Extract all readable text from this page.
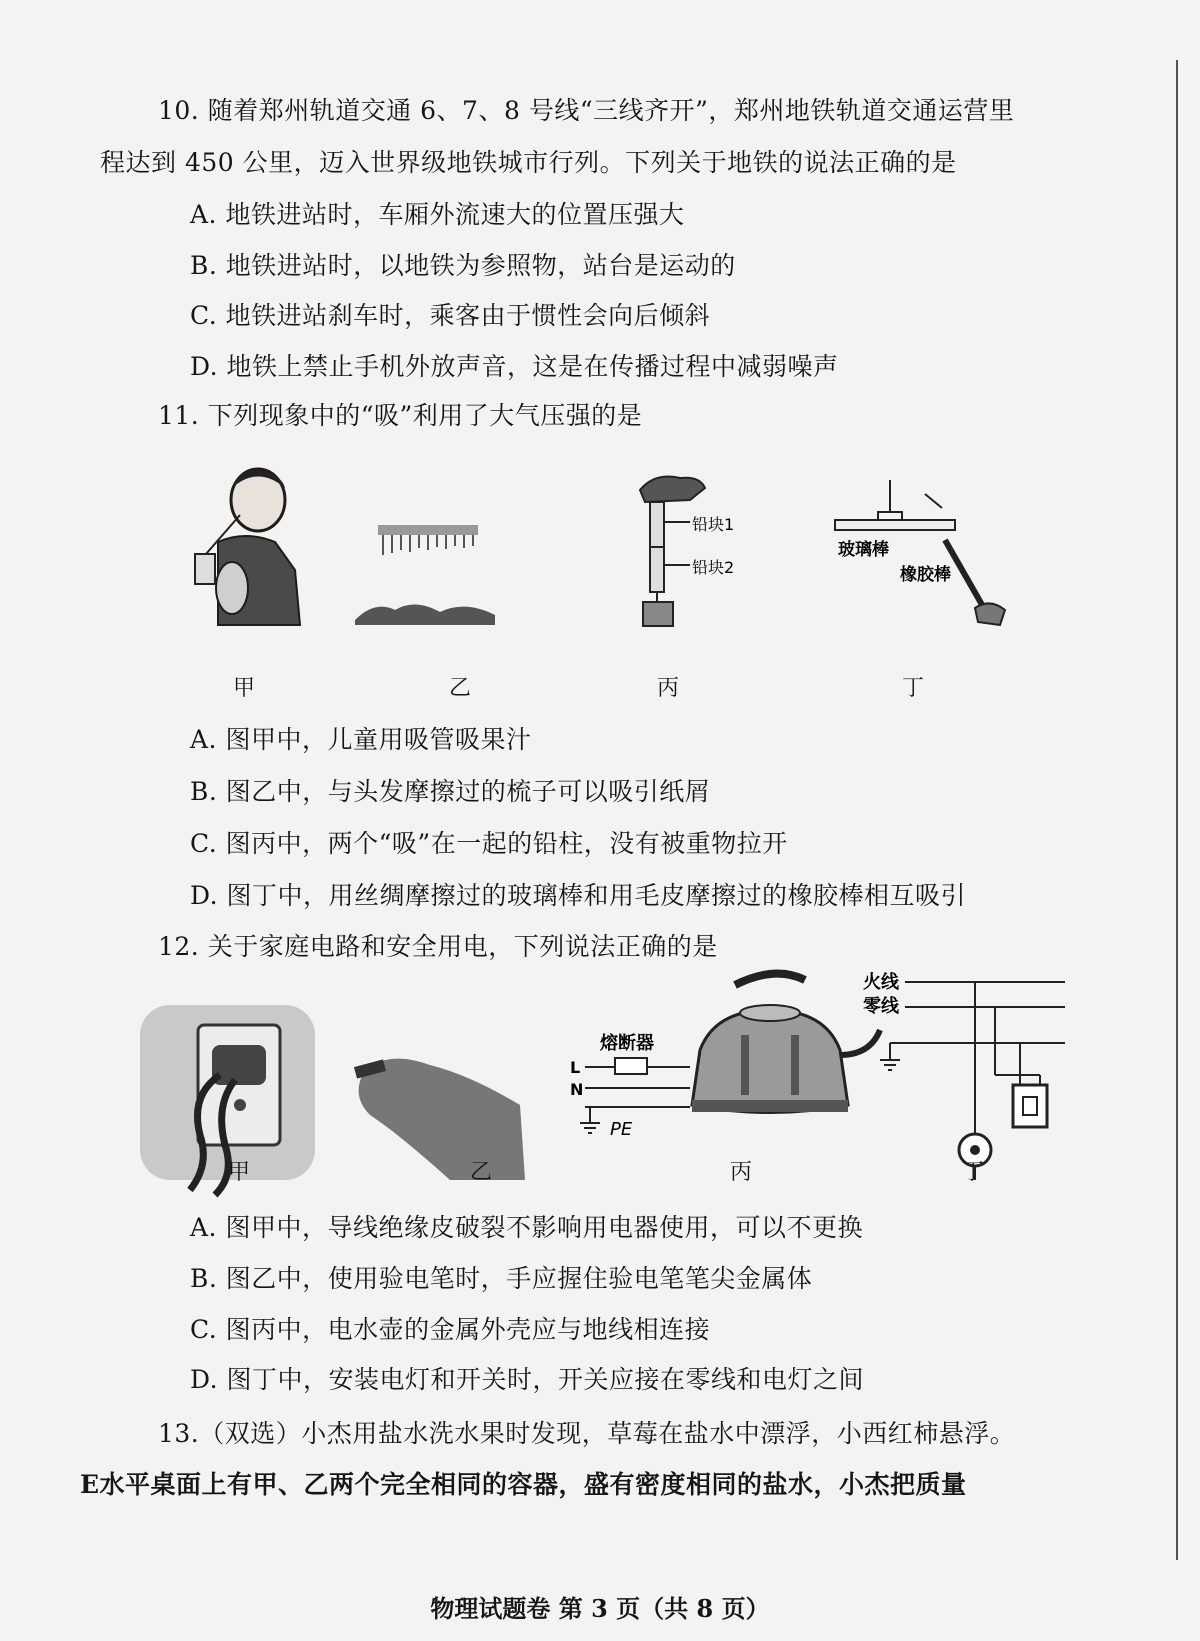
10. 随着郑州轨道交通 6、7、8 号线“三线齐开”，郑州地铁轨道交通运营里
程达到 450 公里，迈入世界级地铁城市行列。下列关于地铁的说法正确的是
A. 地铁进站时，车厢外流速大的位置压强大
B. 地铁进站时，以地铁为参照物，站台是运动的
C. 地铁进站刹车时，乘客由于惯性会向后倾斜
D. 地铁上禁止手机外放声音，这是在传播过程中减弱噪声
11. 下列现象中的“吸”利用了大气压强的是
铅块1
铅块2
玻璃棒
橡胶棒
甲	乙	丙	丁
A. 图甲中，儿童用吸管吸果汁
B. 图乙中，与头发摩擦过的梳子可以吸引纸屑
C. 图丙中，两个“吸”在一起的铅柱，没有被重物拉开
D. 图丁中，用丝绸摩擦过的玻璃棒和用毛皮摩擦过的橡胶棒相互吸引
12. 关于家庭电路和安全用电，下列说法正确的是
熔断器
L
N
PE
火线
零线
甲	乙	丙	丁
A. 图甲中，导线绝缘皮破裂不影响用电器使用，可以不更换
B. 图乙中，使用验电笔时，手应握住验电笔笔尖金属体
C. 图丙中，电水壶的金属外壳应与地线相连接
D. 图丁中，安装电灯和开关时，开关应接在零线和电灯之间
13.（双选）小杰用盐水洗水果时发现，草莓在盐水中漂浮，小西红柿悬浮。
E水平桌面上有甲、乙两个完全相同的容器，盛有密度相同的盐水，小杰把质量
物理试题卷 第 3 页（共 8 页）
